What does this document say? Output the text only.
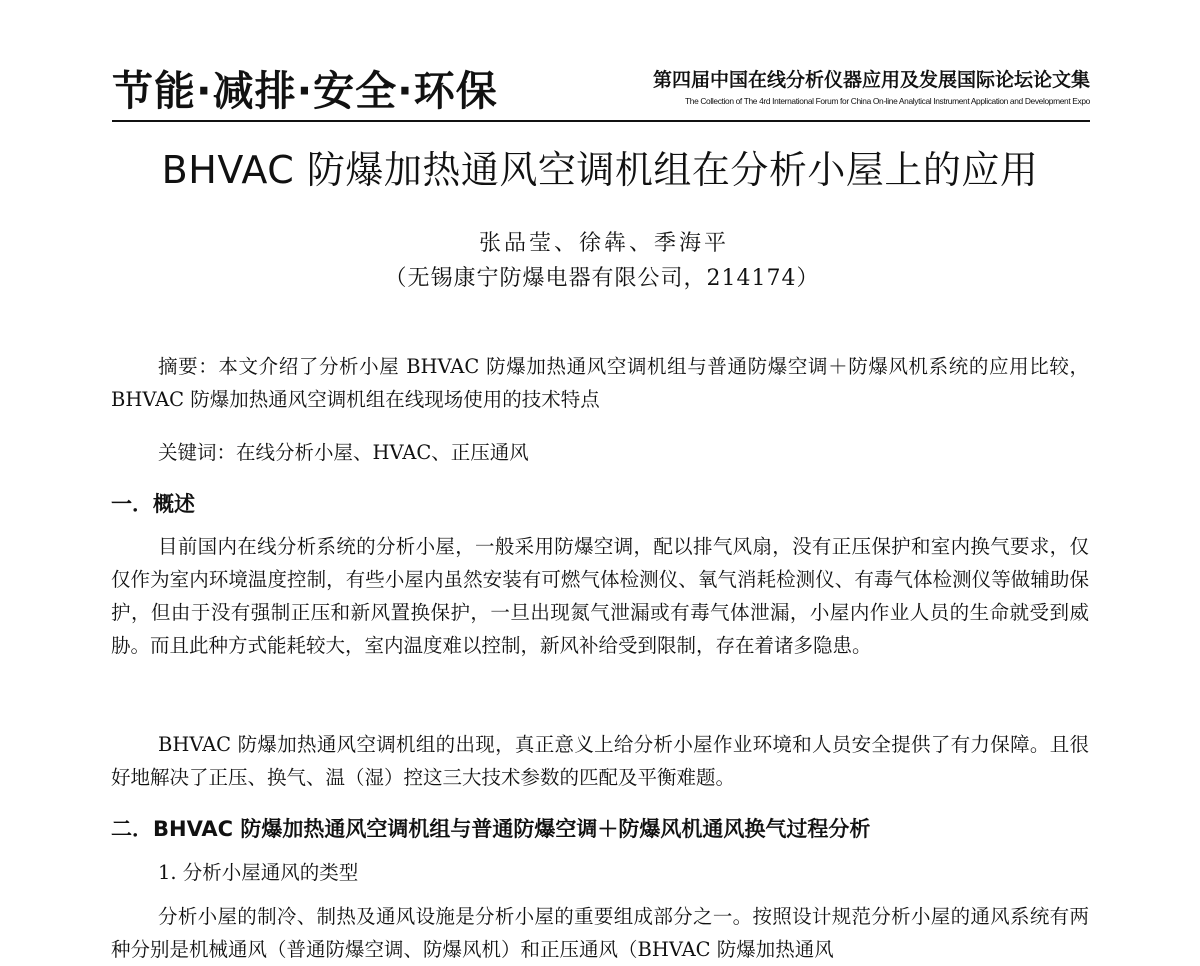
节能·减排·安全·环保	第四届中国在线分析仪器应用及发展国际论坛论文集
The Collection of The 4rd International Forum for China On-line Analytical Instrument Application and Development Expo
BHVAC 防爆加热通风空调机组在分析小屋上的应用
张品莹、徐犇、季海平
（无锡康宁防爆电器有限公司，214174）

摘要：本文介绍了分析小屋 BHVAC 防爆加热通风空调机组与普通防爆空调＋防爆风机系统的应用比较，BHVAC 防爆加热通风空调机组在线现场使用的技术特点

关键词：在线分析小屋、HVAC、正压通风

一．概述

目前国内在线分析系统的分析小屋，一般采用防爆空调，配以排气风扇，没有正压保护和室内换气要求，仅仅作为室内环境温度控制，有些小屋内虽然安装有可燃气体检测仪、氧气消耗检测仪、有毒气体检测仪等做辅助保护，但由于没有强制正压和新风置换保护，一旦出现氮气泄漏或有毒气体泄漏，小屋内作业人员的生命就受到威胁。而且此种方式能耗较大，室内温度难以控制，新风补给受到限制，存在着诸多隐患。

BHVAC 防爆加热通风空调机组的出现，真正意义上给分析小屋作业环境和人员安全提供了有力保障。且很好地解决了正压、换气、温（湿）控这三大技术参数的匹配及平衡难题。

二．BHVAC 防爆加热通风空调机组与普通防爆空调＋防爆风机通风换气过程分析

1. 分析小屋通风的类型

分析小屋的制冷、制热及通风设施是分析小屋的重要组成部分之一。按照设计规范分析小屋的通风系统有两种分别是机械通风（普通防爆空调、防爆风机）和正压通风（BHVAC 防爆加热通风
